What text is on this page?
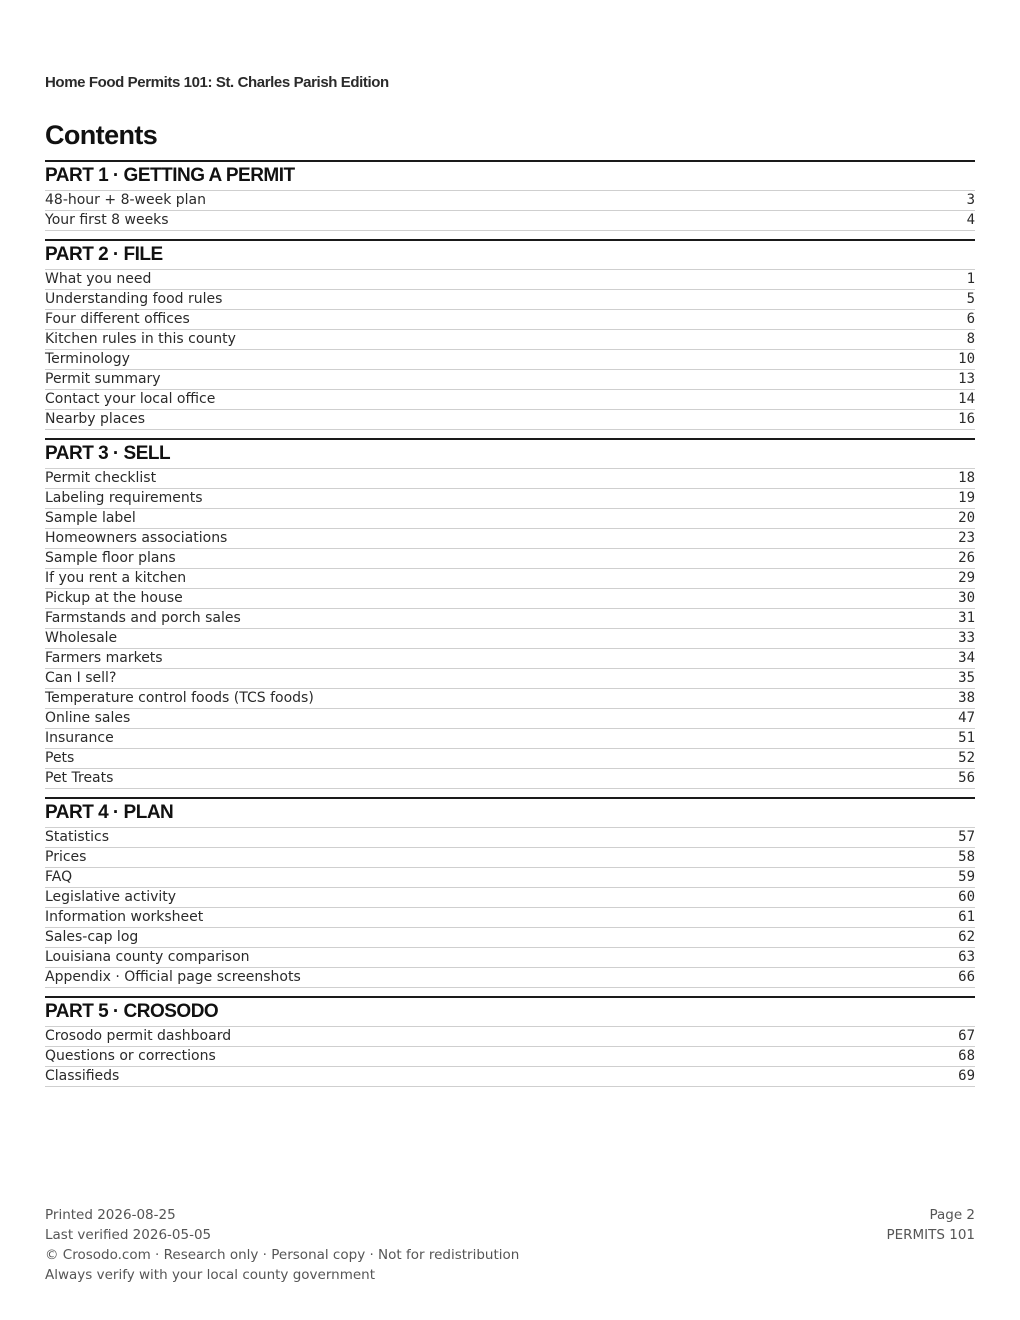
Home Food Permits 101: St. Charles Parish Edition
Contents
PART 1 · GETTING A PERMIT
48-hour + 8-week plan	3
Your first 8 weeks	4
PART 2 · FILE
What you need	1
Understanding food rules	5
Four different offices	6
Kitchen rules in this county	8
Terminology	10
Permit summary	13
Contact your local office	14
Nearby places	16
PART 3 · SELL
Permit checklist	18
Labeling requirements	19
Sample label	20
Homeowners associations	23
Sample floor plans	26
If you rent a kitchen	29
Pickup at the house	30
Farmstands and porch sales	31
Wholesale	33
Farmers markets	34
Can I sell?	35
Temperature control foods (TCS foods)	38
Online sales	47
Insurance	51
Pets	52
Pet Treats	56
PART 4 · PLAN
Statistics	57
Prices	58
FAQ	59
Legislative activity	60
Information worksheet	61
Sales-cap log	62
Louisiana county comparison	63
Appendix · Official page screenshots	66
PART 5 · CROSODO
Crosodo permit dashboard	67
Questions or corrections	68
Classifieds	69
Printed 2026-08-25
Last verified 2026-05-05
© Crosodo.com · Research only · Personal copy · Not for redistribution
Always verify with your local county government
Page 2
PERMITS 101
